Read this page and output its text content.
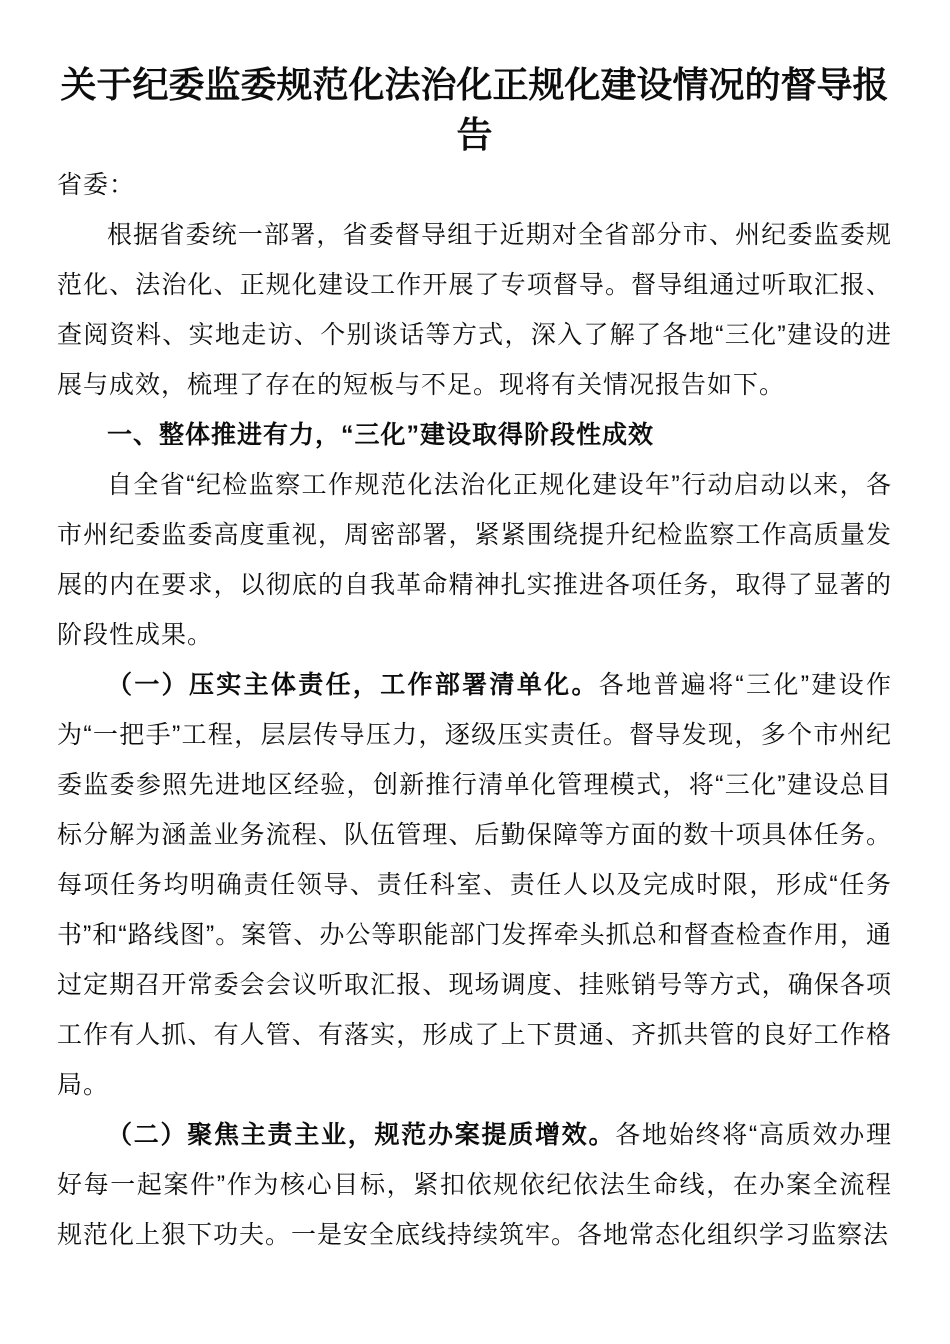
关于纪委监委规范化法治化正规化建设情况的督导报告

省委：

根据省委统一部署，省委督导组于近期对全省部分市、州纪委监委规范化、法治化、正规化建设工作开展了专项督导。督导组通过听取汇报、查阅资料、实地走访、个别谈话等方式，深入了解了各地“三化”建设的进展与成效，梳理了存在的短板与不足。现将有关情况报告如下。

一、整体推进有力，“三化”建设取得阶段性成效

自全省“纪检监察工作规范化法治化正规化建设年”行动启动以来，各市州纪委监委高度重视，周密部署，紧紧围绕提升纪检监察工作高质量发展的内在要求，以彻底的自我革命精神扎实推进各项任务，取得了显著的阶段性成果。

（一）压实主体责任，工作部署清单化。各地普遍将“三化”建设作为“一把手”工程，层层传导压力，逐级压实责任。督导发现，多个市州纪委监委参照先进地区经验，创新推行清单化管理模式，将“三化”建设总目标分解为涵盖业务流程、队伍管理、后勤保障等方面的数十项具体任务。每项任务均明确责任领导、责任科室、责任人以及完成时限，形成“任务书”和“路线图”。案管、办公等职能部门发挥牵头抓总和督查检查作用，通过定期召开常委会会议听取汇报、现场调度、挂账销号等方式，确保各项工作有人抓、有人管、有落实，形成了上下贯通、齐抓共管的良好工作格局。

（二）聚焦主责主业，规范办案提质增效。各地始终将“高质效办理好每一起案件”作为核心目标，紧扣依规依纪依法生命线，在办案全流程规范化上狠下功夫。一是安全底线持续筑牢。各地常态化组织学习监察法
